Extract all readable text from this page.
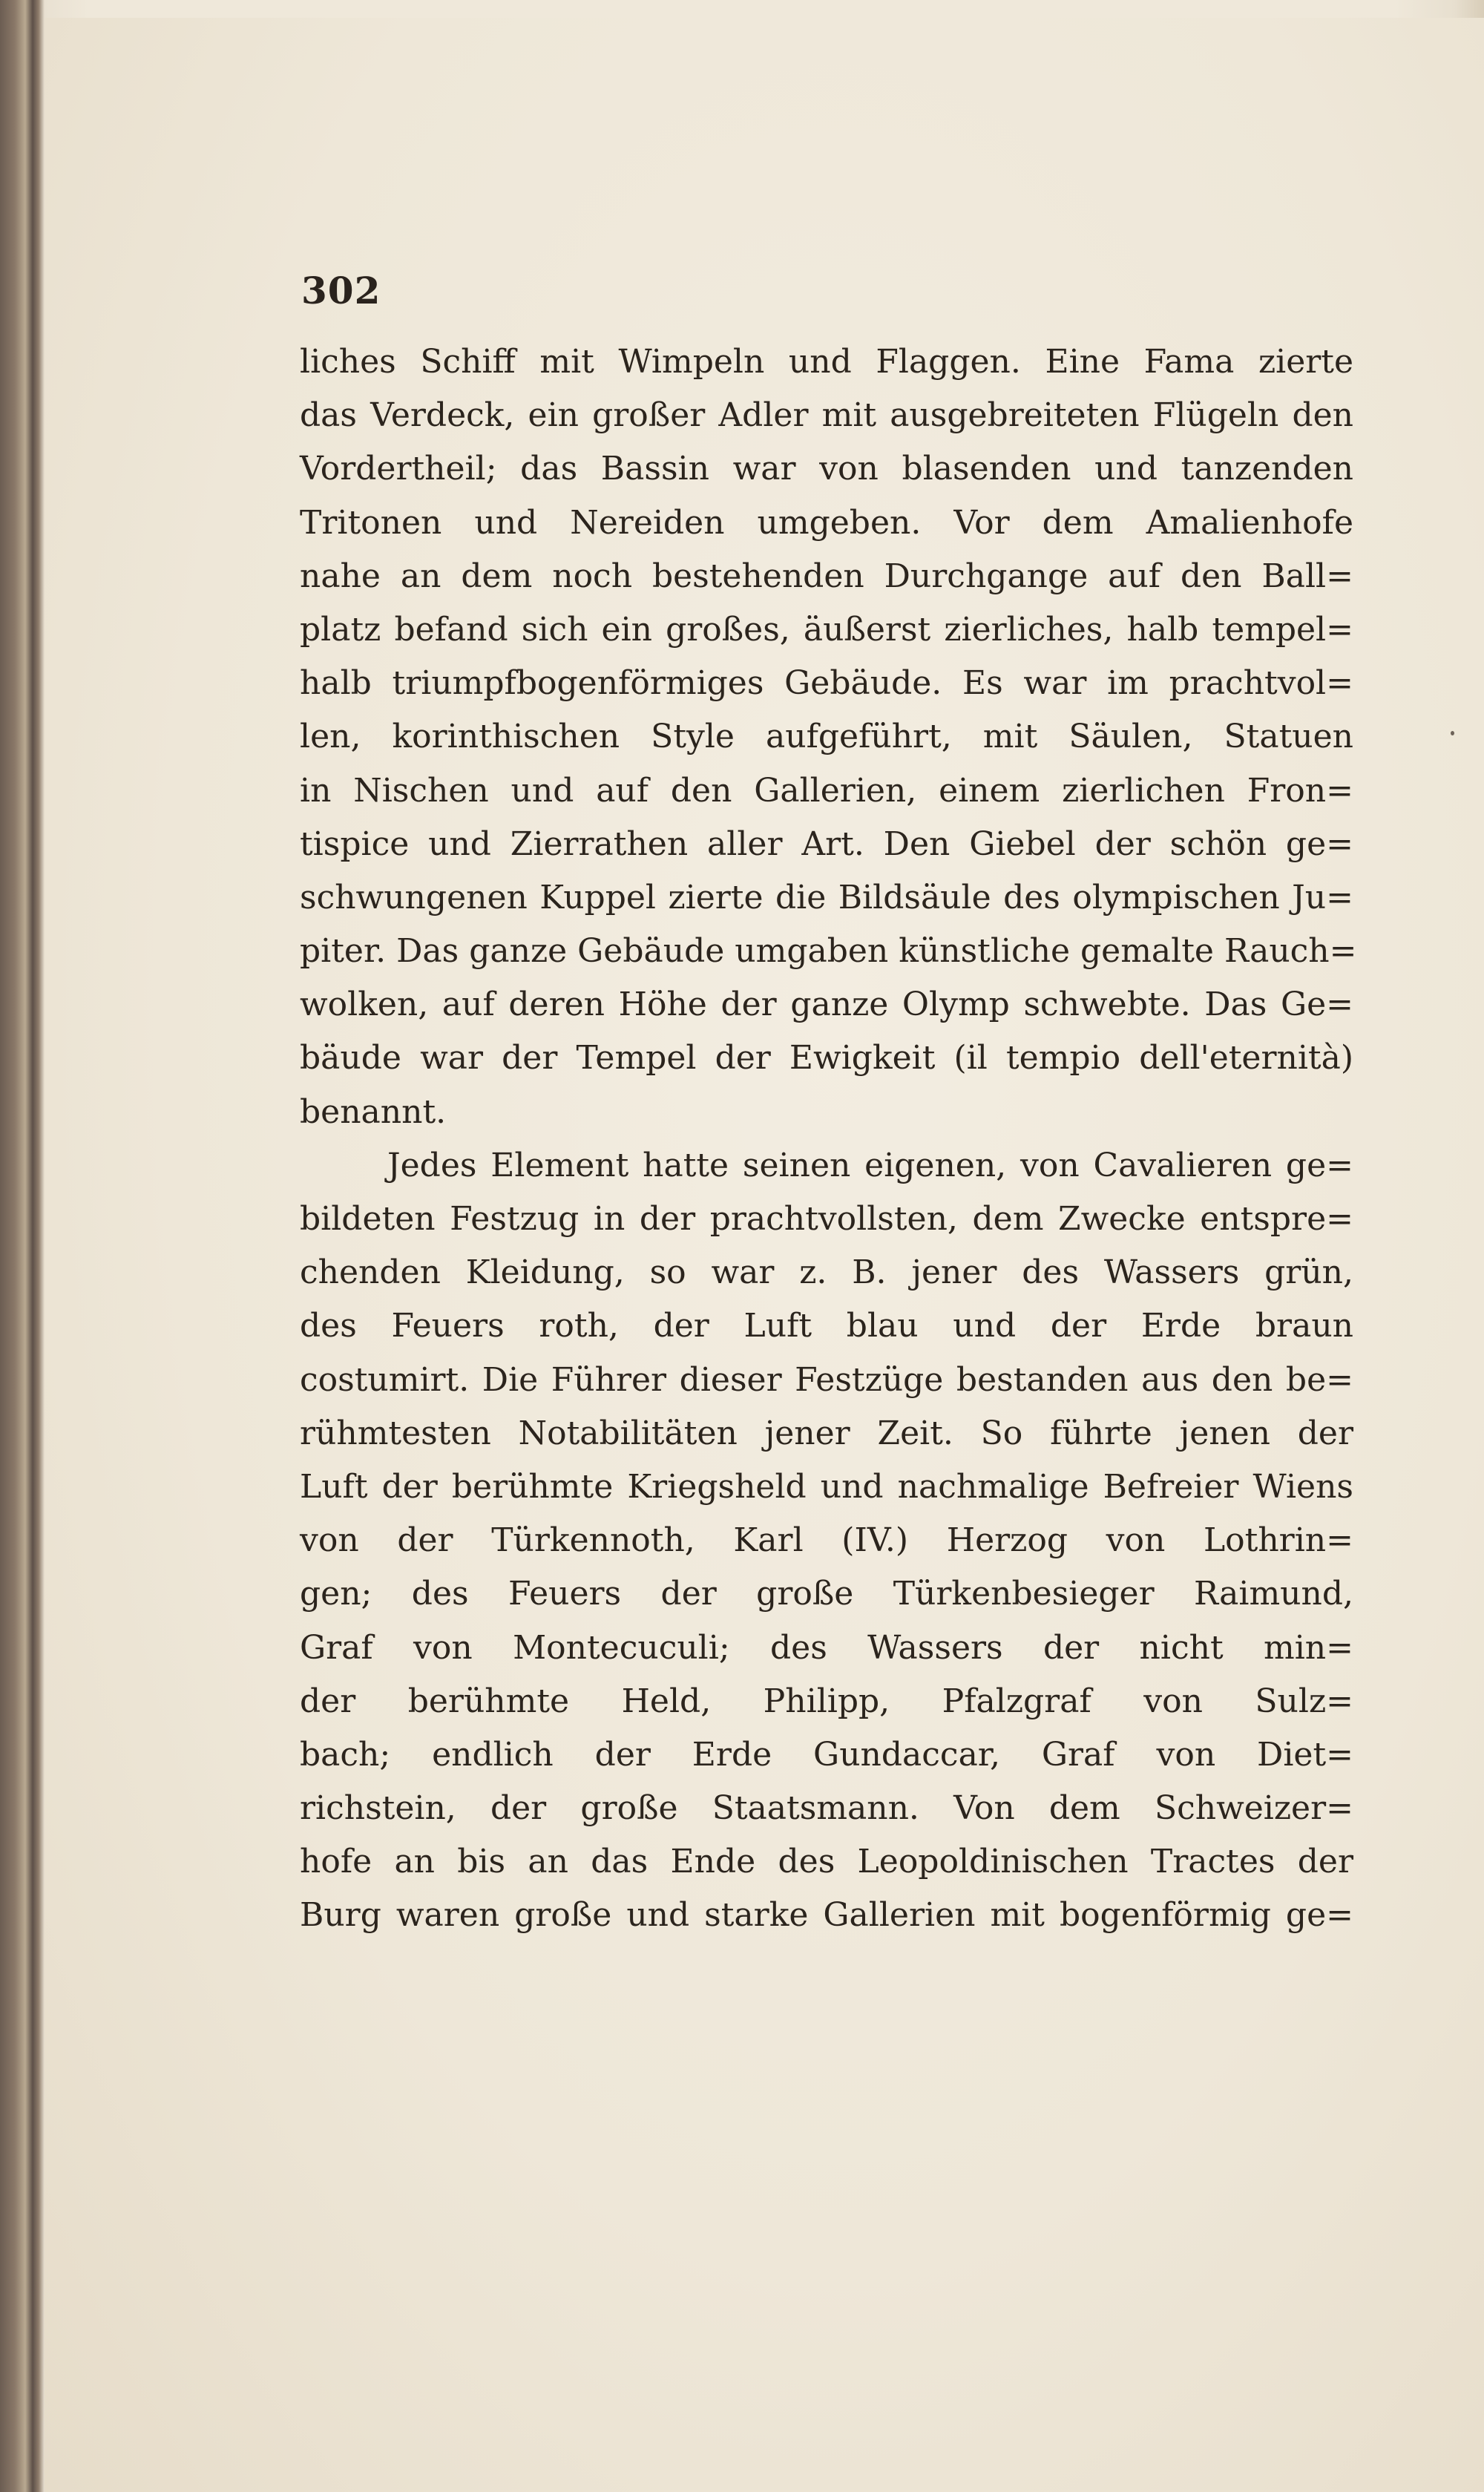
302
liches Schiff mit Wimpeln und Flaggen. Eine Fama zierte
das Verdeck, ein großer Adler mit ausgebreiteten Flügeln den
Vordertheil; das Bassin war von blasenden und tanzenden
Tritonen und Nereiden umgeben. Vor dem Amalienhofe
nahe an dem noch bestehenden Durchgange auf den Ball=
platz befand sich ein großes, äußerst zierliches, halb tempel=
halb triumpfbogenförmiges Gebäude. Es war im prachtvol=
len, korinthischen Style aufgeführt, mit Säulen, Statuen
in Nischen und auf den Gallerien, einem zierlichen Fron=
tispice und Zierrathen aller Art. Den Giebel der schön ge=
schwungenen Kuppel zierte die Bildsäule des olympischen Ju=
piter. Das ganze Gebäude umgaben künstliche gemalte Rauch=
wolken, auf deren Höhe der ganze Olymp schwebte. Das Ge=
bäude war der Tempel der Ewigkeit (il tempio dell'eternità)
benannt.
Jedes Element hatte seinen eigenen, von Cavalieren ge=
bildeten Festzug in der prachtvollsten, dem Zwecke entspre=
chenden Kleidung, so war z. B. jener des Wassers grün,
des Feuers roth, der Luft blau und der Erde braun
costumirt. Die Führer dieser Festzüge bestanden aus den be=
rühmtesten Notabilitäten jener Zeit. So führte jenen der
Luft der berühmte Kriegsheld und nachmalige Befreier Wiens
von der Türkennoth, Karl (IV.) Herzog von Lothrin=
gen; des Feuers der große Türkenbesieger Raimund,
Graf von Montecuculi; des Wassers der nicht min=
der berühmte Held, Philipp, Pfalzgraf von Sulz=
bach; endlich der Erde Gundaccar, Graf von Diet=
richstein, der große Staatsmann. Von dem Schweizer=
hofe an bis an das Ende des Leopoldinischen Tractes der
Burg waren große und starke Gallerien mit bogenförmig ge=
